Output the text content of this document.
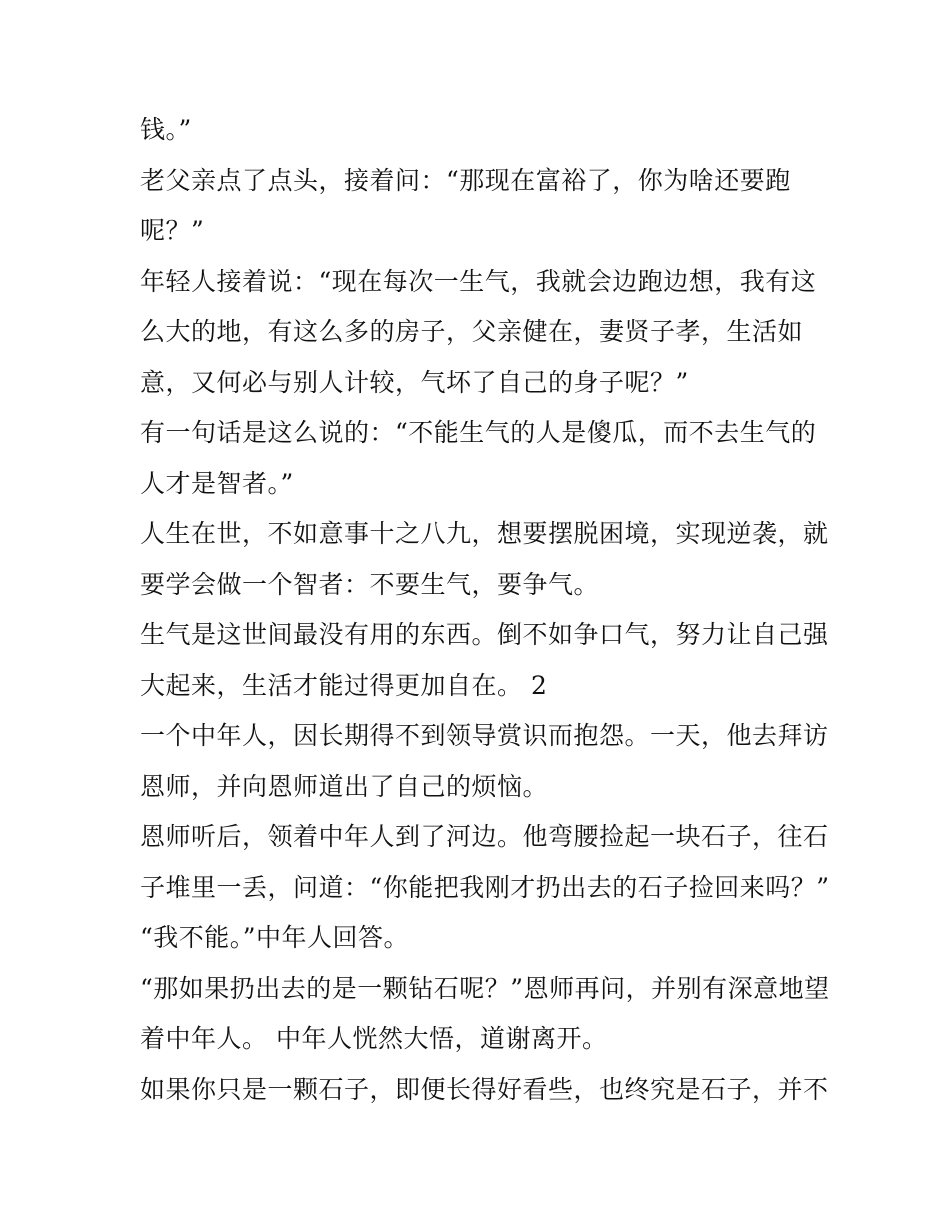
钱。”
老父亲点了点头，接着问：“那现在富裕了，你为啥还要跑
呢？”
年轻人接着说：“现在每次一生气，我就会边跑边想，我有这
么大的地，有这么多的房子，父亲健在，妻贤子孝，生活如
意，又何必与别人计较，气坏了自己的身子呢？”
有一句话是这么说的：“不能生气的人是傻瓜，而不去生气的
人才是智者。”
人生在世，不如意事十之八九，想要摆脱困境，实现逆袭，就
要学会做一个智者：不要生气，要争气。
生气是这世间最没有用的东西。倒不如争口气，努力让自己强
大起来，生活才能过得更加自在。 2
一个中年人，因长期得不到领导赏识而抱怨。一天，他去拜访
恩师，并向恩师道出了自己的烦恼。
恩师听后，领着中年人到了河边。他弯腰捡起一块石子，往石
子堆里一丢，问道：“你能把我刚才扔出去的石子捡回来吗？”
“我不能。”中年人回答。
“那如果扔出去的是一颗钻石呢？”恩师再问，并别有深意地望
着中年人。 中年人恍然大悟，道谢离开。
如果你只是一颗石子，即便长得好看些，也终究是石子，并不
